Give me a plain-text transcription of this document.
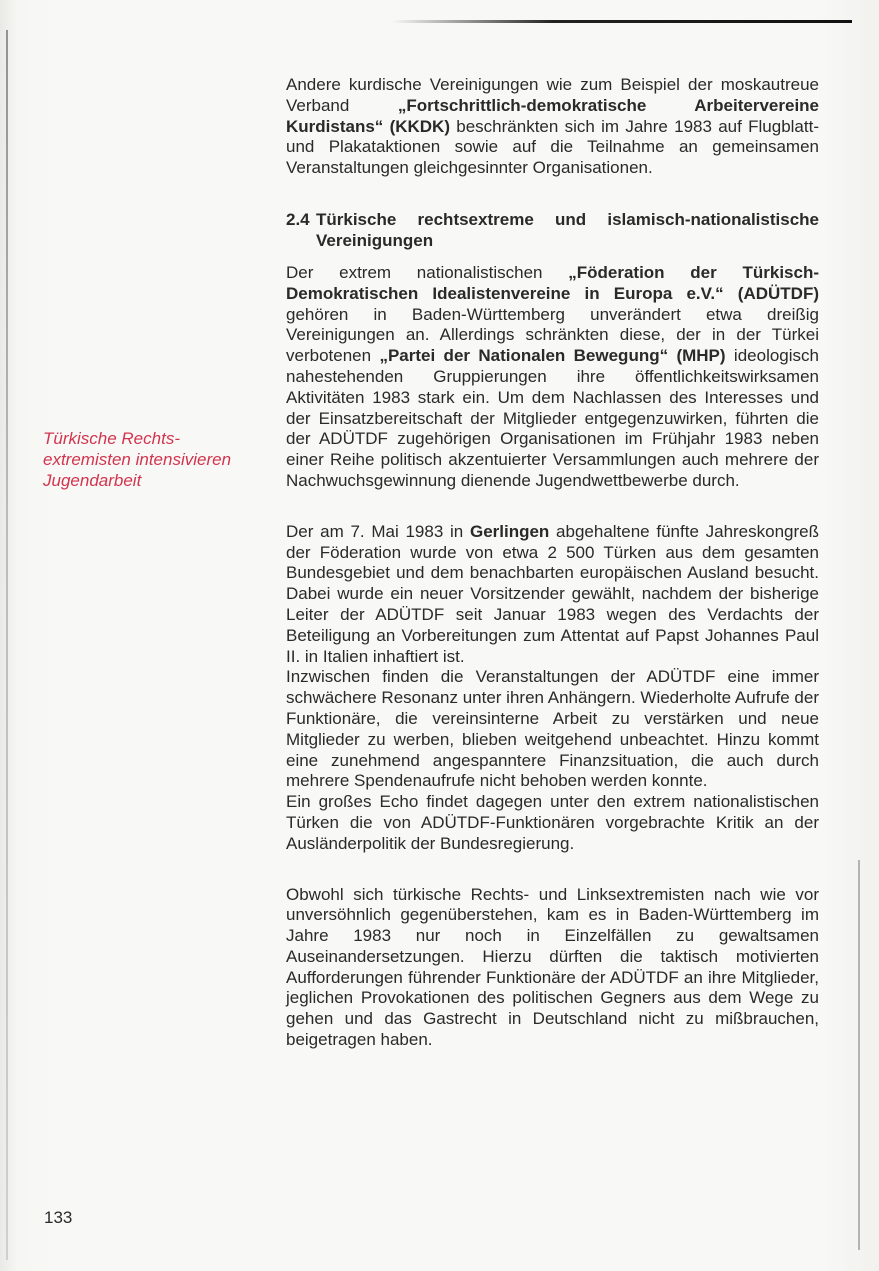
Türkische Rechts-
extremisten intensivieren
Jugendarbeit

Andere kurdische Vereinigungen wie zum Beispiel der moskautreue Verband „Fortschrittlich-demokratische Arbeitervereine Kurdistans“ (KKDK) beschränkten sich im Jahre 1983 auf Flugblatt- und Plakataktionen sowie auf die Teilnahme an gemeinsamen Veranstaltungen gleichgesinnter Organisationen.

2.4 Türkische rechtsextreme und islamisch-nationalistische Vereinigungen

Der extrem nationalistischen „Föderation der Türkisch-Demokratischen Idealistenvereine in Europa e.V.“ (ADÜTDF) gehören in Baden-Württemberg unverändert etwa dreißig Vereinigungen an. Allerdings schränkten diese, der in der Türkei verbotenen „Partei der Nationalen Bewegung“ (MHP) ideologisch nahestehenden Gruppierungen ihre öffentlichkeitswirksamen Aktivitäten 1983 stark ein. Um dem Nachlassen des Interesses und der Einsatzbereitschaft der Mitglieder entgegenzuwirken, führten die der ADÜTDF zugehörigen Organisationen im Frühjahr 1983 neben einer Reihe politisch akzentuierter Versammlungen auch mehrere der Nachwuchsgewinnung dienende Jugendwettbewerbe durch.

Der am 7. Mai 1983 in Gerlingen abgehaltene fünfte Jahreskongreß der Föderation wurde von etwa 2 500 Türken aus dem gesamten Bundesgebiet und dem benachbarten europäischen Ausland besucht. Dabei wurde ein neuer Vorsitzender gewählt, nachdem der bisherige Leiter der ADÜTDF seit Januar 1983 wegen des Verdachts der Beteiligung an Vorbereitungen zum Attentat auf Papst Johannes Paul II. in Italien inhaftiert ist.

Inzwischen finden die Veranstaltungen der ADÜTDF eine immer schwächere Resonanz unter ihren Anhängern. Wiederholte Aufrufe der Funktionäre, die vereinsinterne Arbeit zu verstärken und neue Mitglieder zu werben, blieben weitgehend unbeachtet. Hinzu kommt eine zunehmend angespanntere Finanzsituation, die auch durch mehrere Spendenaufrufe nicht behoben werden konnte.

Ein großes Echo findet dagegen unter den extrem nationalistischen Türken die von ADÜTDF-Funktionären vorgebrachte Kritik an der Ausländerpolitik der Bundesregierung.

Obwohl sich türkische Rechts- und Linksextremisten nach wie vor unversöhnlich gegenüberstehen, kam es in Baden-Württemberg im Jahre 1983 nur noch in Einzelfällen zu gewaltsamen Auseinandersetzungen. Hierzu dürften die taktisch motivierten Aufforderungen führender Funktionäre der ADÜTDF an ihre Mitglieder, jeglichen Provokationen des politischen Gegners aus dem Wege zu gehen und das Gastrecht in Deutschland nicht zu mißbrauchen, beigetragen haben.

133
